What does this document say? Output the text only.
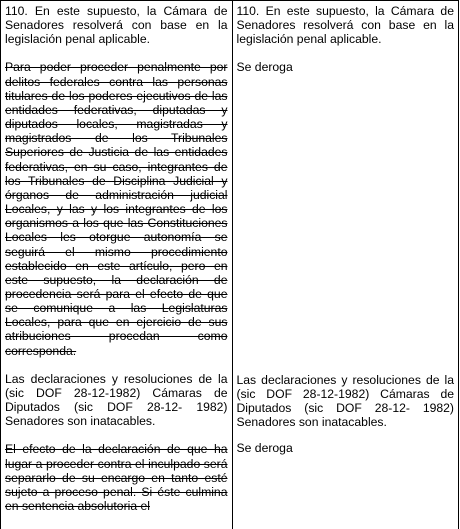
110. En este supuesto, la Cámara de Senadores resolverá con base en la legislación penal aplicable.

Para poder proceder penalmente por delitos federales contra las personas titulares de los poderes ejecutivos de las entidades federativas, diputadas y diputados locales, magistradas y magistrados de los Tribunales Superiores de Justicia de las entidades federativas, en su caso, integrantes de los Tribunales de Disciplina Judicial y órganos de administración judicial Locales, y las y los integrantes de los organismos a los que las Constituciones Locales les otorgue autonomía se seguirá el mismo procedimiento establecido en este artículo, pero en este supuesto, la declaración de procedencia será para el efecto de que se comunique a las Legislaturas Locales, para que en ejercicio de sus atribuciones procedan como corresponda.

Las declaraciones y resoluciones de la (sic DOF 28-12-1982) Cámaras de Diputados (sic DOF 28-12- 1982) Senadores son inatacables.

El efecto de la declaración de que ha lugar a proceder contra el inculpado será separarlo de su encargo en tanto esté sujeto a proceso penal. Si éste culmina en sentencia absolutoria el

110. En este supuesto, la Cámara de Senadores resolverá con base en la legislación penal aplicable.

Se deroga

Las declaraciones y resoluciones de la (sic DOF 28-12-1982) Cámaras de Diputados (sic DOF 28-12- 1982) Senadores son inatacables.

Se deroga
